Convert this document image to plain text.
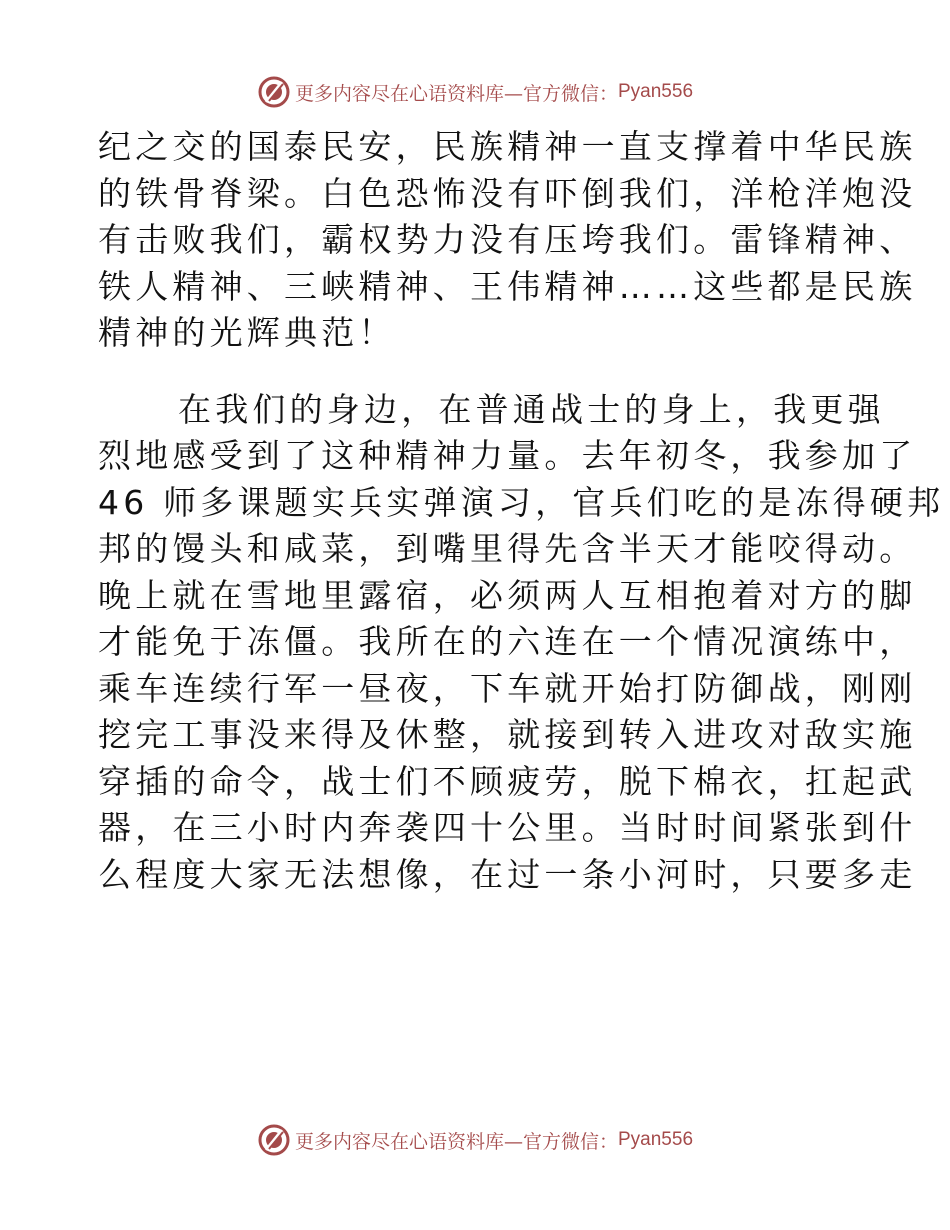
更多内容尽在心语资料库—官方微信： Pyan556

纪之交的国泰民安，民族精神一直支撑着中华民族
的铁骨脊梁。白色恐怖没有吓倒我们，洋枪洋炮没
有击败我们，霸权势力没有压垮我们。雷锋精神、
铁人精神、三峡精神、王伟精神……这些都是民族
精神的光辉典范！

在我们的身边，在普通战士的身上，我更强
烈地感受到了这种精神力量。去年初冬，我参加了
46 师多课题实兵实弹演习，官兵们吃的是冻得硬邦
邦的馒头和咸菜，到嘴里得先含半天才能咬得动。
晚上就在雪地里露宿，必须两人互相抱着对方的脚
才能免于冻僵。我所在的六连在一个情况演练中，
乘车连续行军一昼夜，下车就开始打防御战，刚刚
挖完工事没来得及休整，就接到转入进攻对敌实施
穿插的命令，战士们不顾疲劳，脱下棉衣，扛起武
器，在三小时内奔袭四十公里。当时时间紧张到什
么程度大家无法想像，在过一条小河时，只要多走

更多内容尽在心语资料库—官方微信： Pyan556
